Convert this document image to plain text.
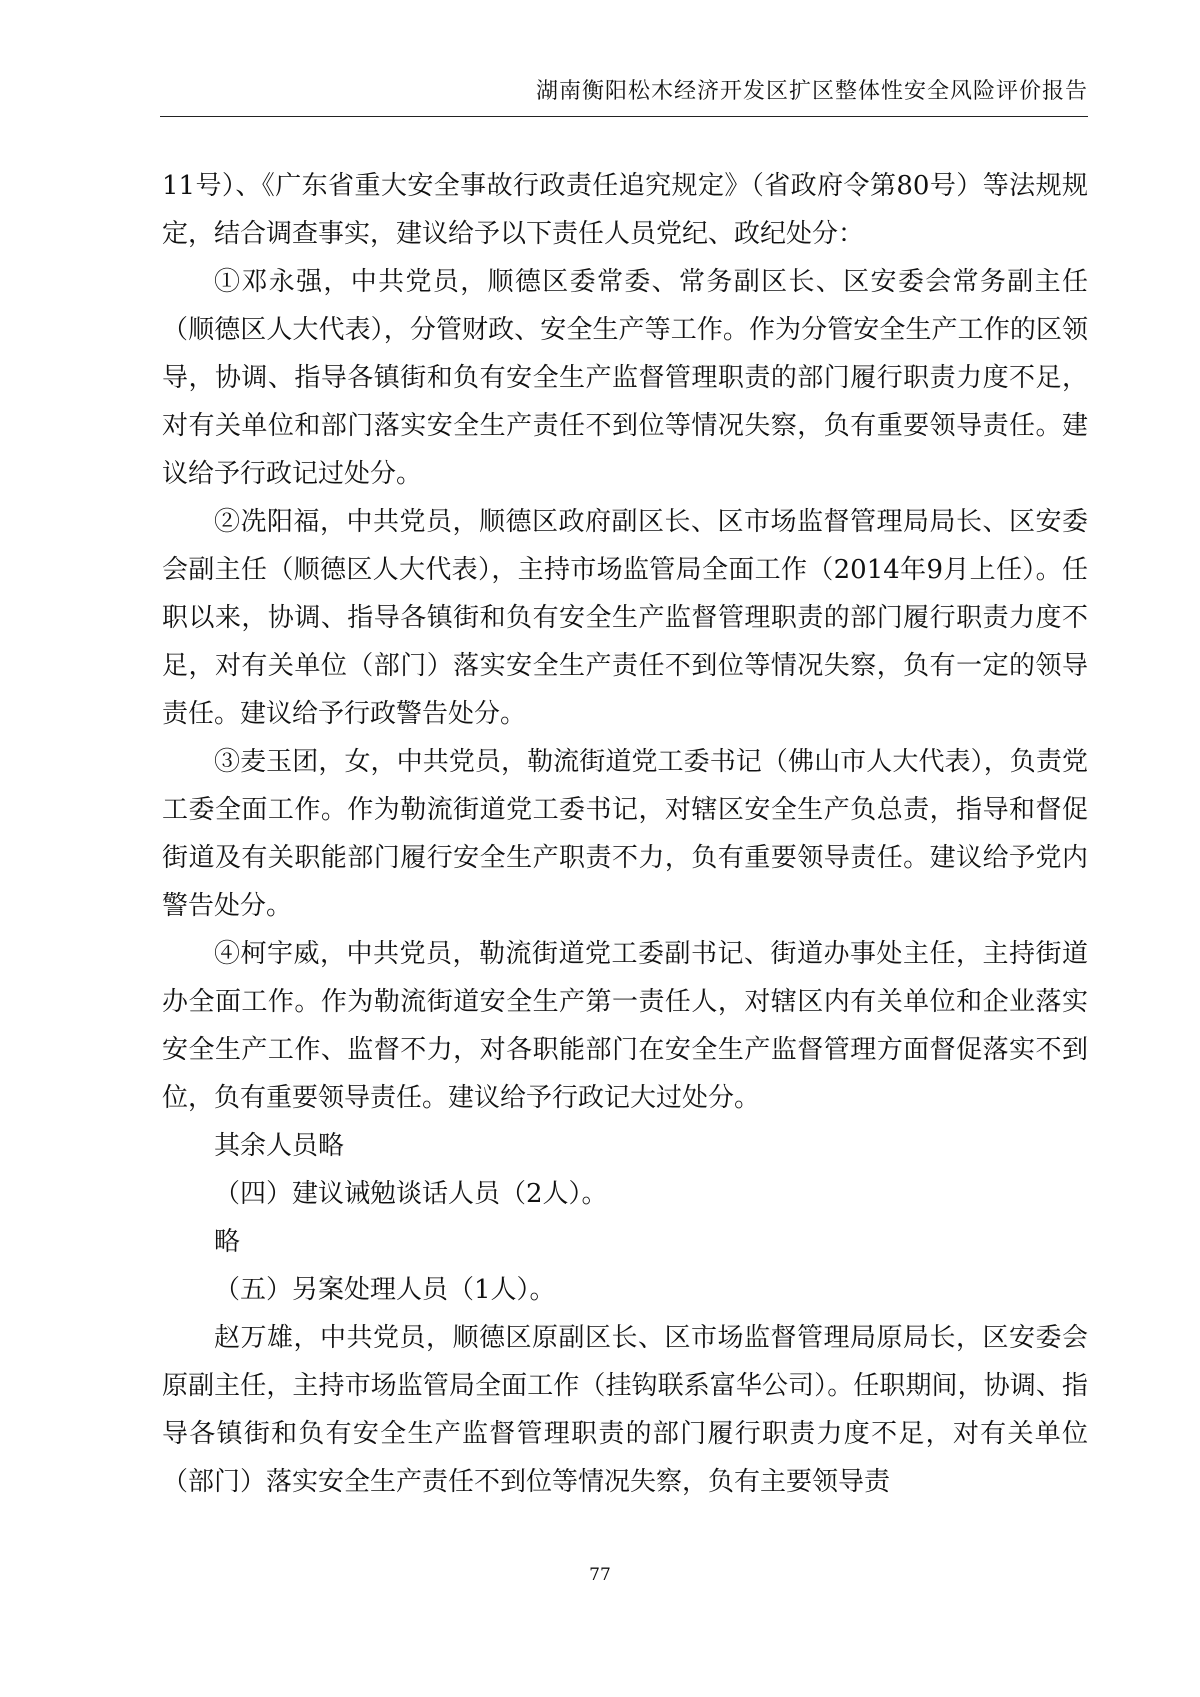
湖南衡阳松木经济开发区扩区整体性安全风险评价报告

11号）、《广东省重大安全事故行政责任追究规定》（省政府令第80号）等法规规定，结合调查事实，建议给予以下责任人员党纪、政纪处分：

①邓永强，中共党员，顺德区委常委、常务副区长、区安委会常务副主任（顺德区人大代表），分管财政、安全生产等工作。作为分管安全生产工作的区领导，协调、指导各镇街和负有安全生产监督管理职责的部门履行职责力度不足，对有关单位和部门落实安全生产责任不到位等情况失察，负有重要领导责任。建议给予行政记过处分。

②冼阳福，中共党员，顺德区政府副区长、区市场监督管理局局长、区安委会副主任（顺德区人大代表），主持市场监管局全面工作（2014年9月上任）。任职以来，协调、指导各镇街和负有安全生产监督管理职责的部门履行职责力度不足，对有关单位（部门）落实安全生产责任不到位等情况失察，负有一定的领导责任。建议给予行政警告处分。

③麦玉团，女，中共党员，勒流街道党工委书记（佛山市人大代表），负责党工委全面工作。作为勒流街道党工委书记，对辖区安全生产负总责，指导和督促街道及有关职能部门履行安全生产职责不力，负有重要领导责任。建议给予党内警告处分。

④柯宇威，中共党员，勒流街道党工委副书记、街道办事处主任，主持街道办全面工作。作为勒流街道安全生产第一责任人，对辖区内有关单位和企业落实安全生产工作、监督不力，对各职能部门在安全生产监督管理方面督促落实不到位，负有重要领导责任。建议给予行政记大过处分。

其余人员略

（四）建议诫勉谈话人员（2人）。

略

（五）另案处理人员（1人）。

赵万雄，中共党员，顺德区原副区长、区市场监督管理局原局长，区安委会原副主任，主持市场监管局全面工作（挂钩联系富华公司）。任职期间，协调、指导各镇街和负有安全生产监督管理职责的部门履行职责力度不足，对有关单位（部门）落实安全生产责任不到位等情况失察，负有主要领导责

77
